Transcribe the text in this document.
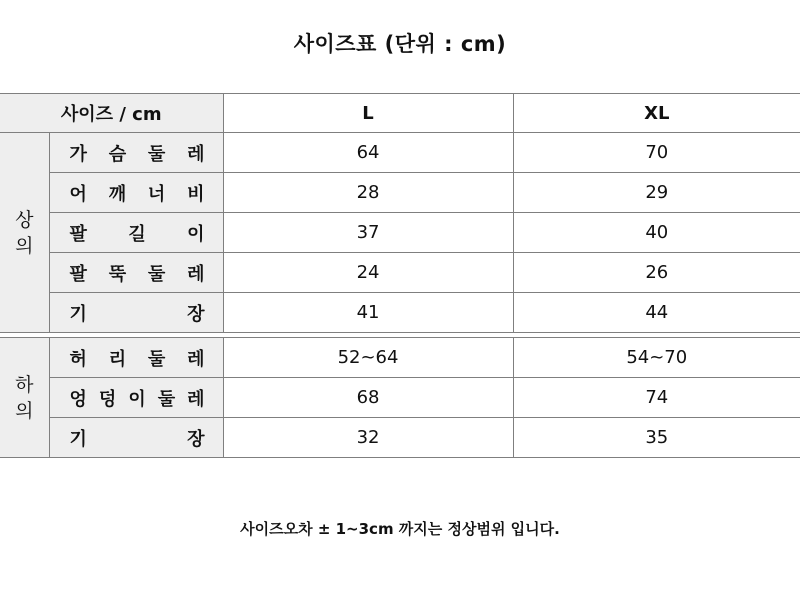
사이즈표 (단위 : cm)
사이즈 / cm		L	XL

상
의	가 슴 둘 레	64	70

	어 깨 너 비	28	29

	팔 길 이	37	40

	팔 뚝 둘 레	24	26

	기 장	41	44

하
의	허 리 둘 레	52~64	54~70

	엉 덩 이 둘 레	68	74

	기 장	32	35
사이즈오차 ± 1~3cm 까지는 정상범위 입니다.
